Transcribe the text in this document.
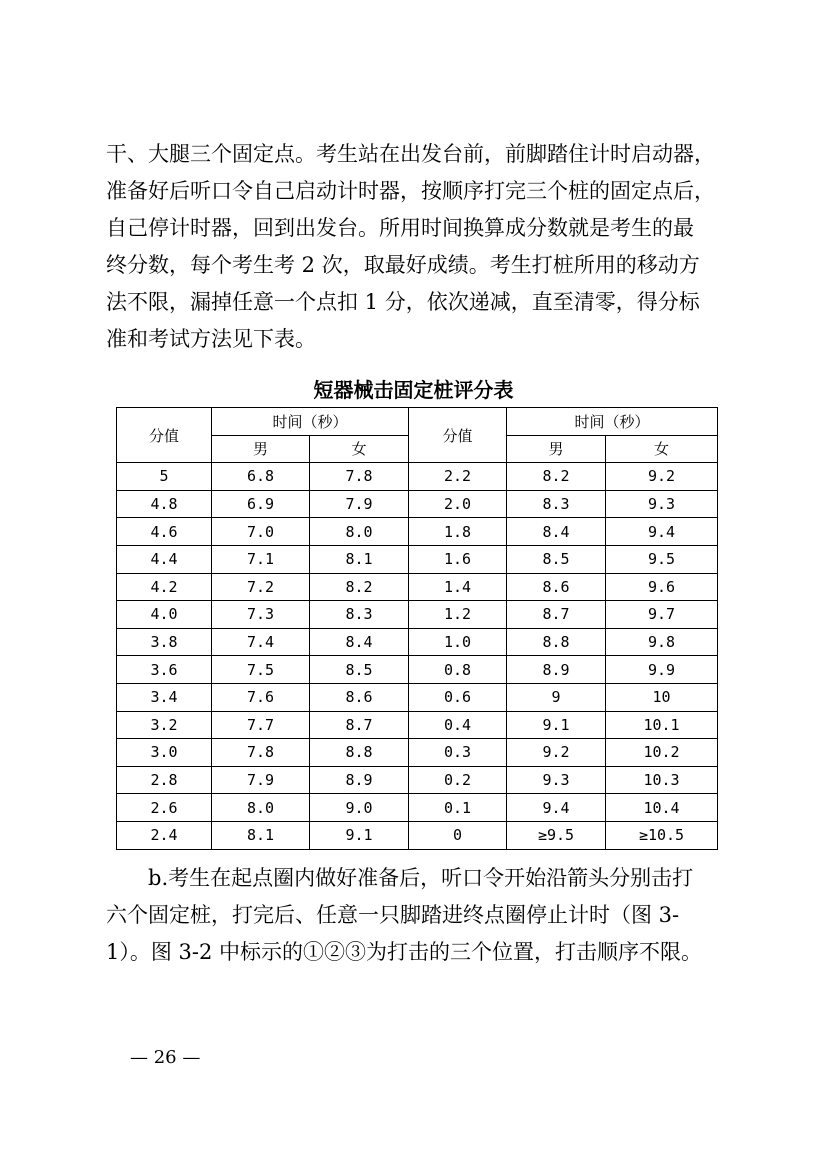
干、大腿三个固定点。考生站在出发台前，前脚踏住计时启动器，
准备好后听口令自己启动计时器，按顺序打完三个桩的固定点后，
自己停计时器，回到出发台。所用时间换算成分数就是考生的最
终分数，每个考生考 2 次，取最好成绩。考生打桩所用的移动方
法不限，漏掉任意一个点扣 1 分，依次递减，直至清零，得分标
准和考试方法见下表。

短器械击固定桩评分表

分值	时间（秒）		分值	时间（秒）	
	男	女		男	女
5	6.8	7.8	2.2	8.2	9.2
4.8	6.9	7.9	2.0	8.3	9.3
4.6	7.0	8.0	1.8	8.4	9.4
4.4	7.1	8.1	1.6	8.5	9.5
4.2	7.2	8.2	1.4	8.6	9.6
4.0	7.3	8.3	1.2	8.7	9.7
3.8	7.4	8.4	1.0	8.8	9.8
3.6	7.5	8.5	0.8	8.9	9.9
3.4	7.6	8.6	0.6	9	10
3.2	7.7	8.7	0.4	9.1	10.1
3.0	7.8	8.8	0.3	9.2	10.2
2.8	7.9	8.9	0.2	9.3	10.3
2.6	8.0	9.0	0.1	9.4	10.4
2.4	8.1	9.1	0	≥9.5	≥10.5
b.考生在起点圈内做好准备后，听口令开始沿箭头分别击打
六个固定桩，打完后、任意一只脚踏进终点圈停止计时（图 3-
1）。图 3-2 中标示的①②③为打击的三个位置，打击顺序不限。

— 26 —
